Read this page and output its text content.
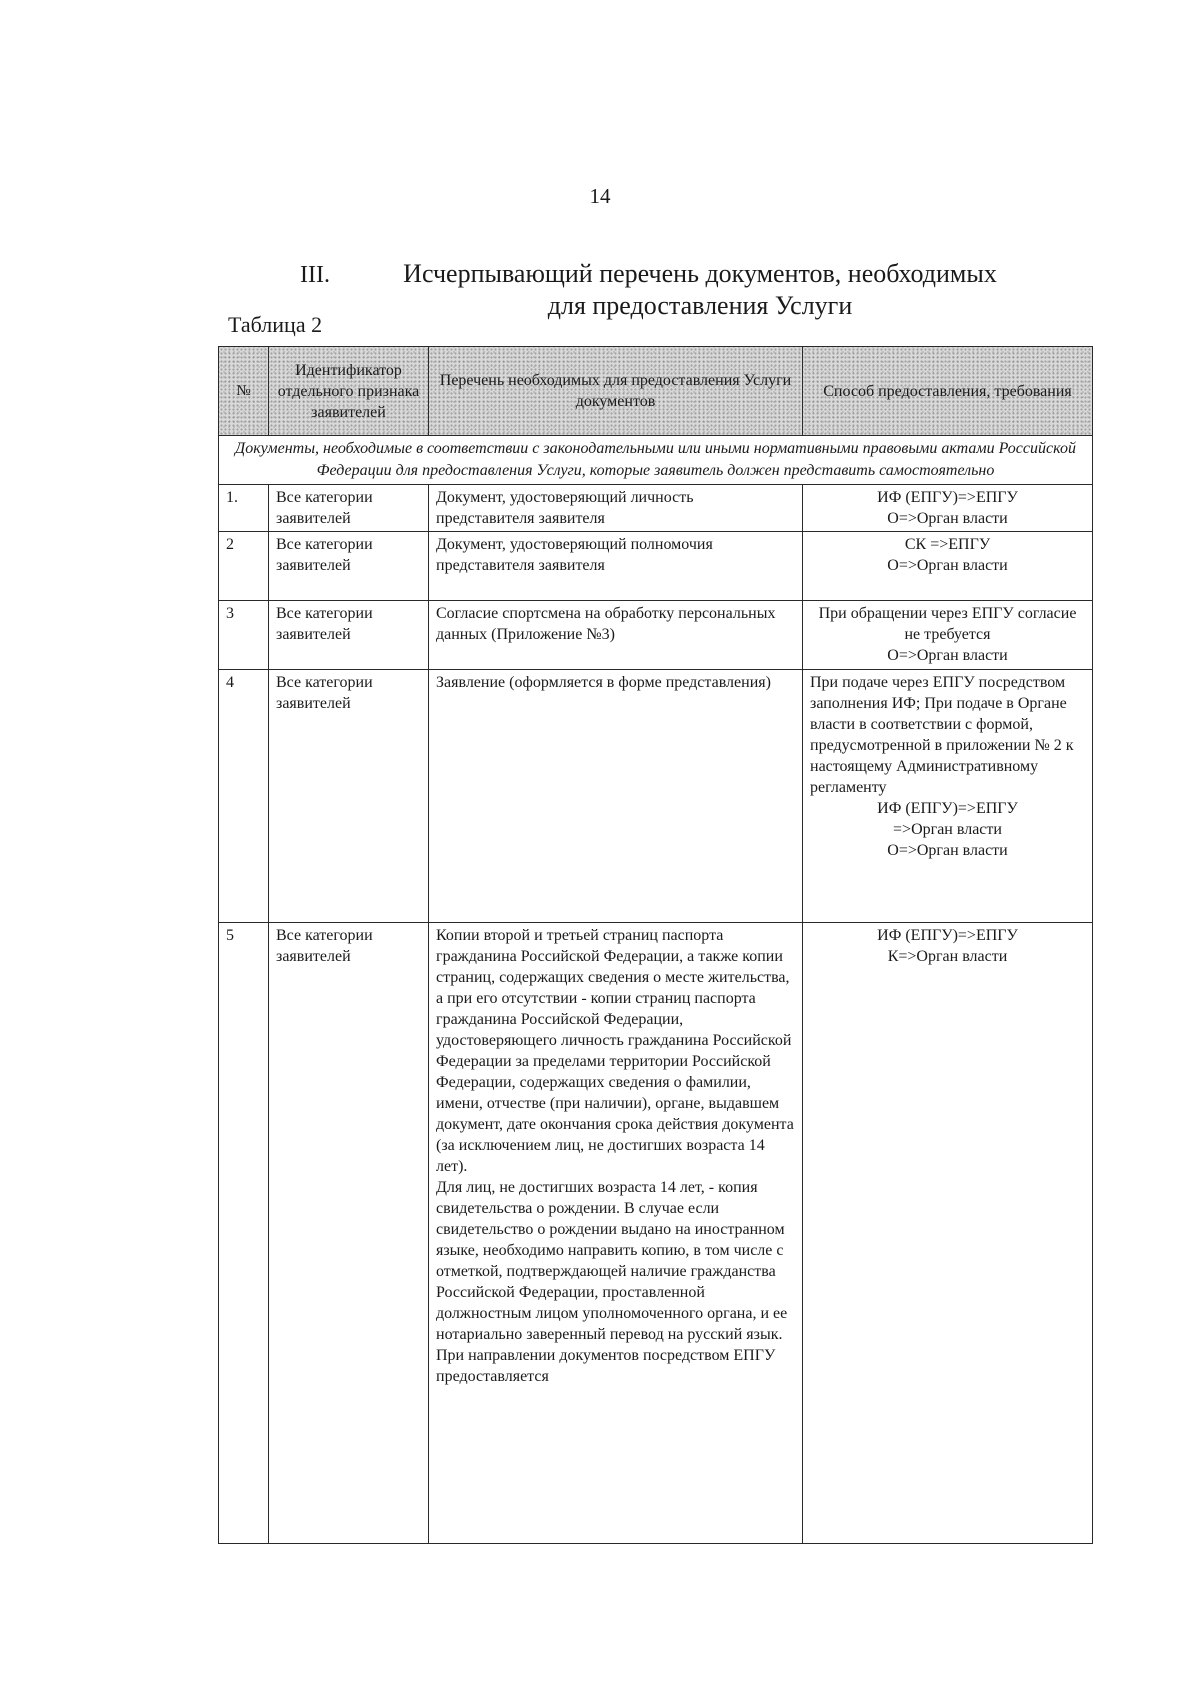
14
III.	Исчерпывающий перечень документов, необходимых
для предоставления Услуги
Таблица 2
№	Идентификатор отдельного признака заявителей	Перечень необходимых для предоставления Услуги документов	Способ предоставления, требования
Документы, необходимые в соответствии с законодательными или иными нормативными правовыми актами Российской Федерации для предоставления Услуги, которые заявитель должен представить самостоятельно			
1.	Все категории заявителей	Документ, удостоверяющий личность представителя заявителя	ИФ (ЕПГУ)=>ЕПГУ
О=>Орган власти

2	Все категории заявителей	Документ, удостоверяющий полномочия представителя заявителя	СК =>ЕПГУ
О=>Орган власти

3	Все категории заявителей	Согласие спортсмена на обработку персональных данных (Приложение №3)	При обращении через ЕПГУ согласие не требуется
О=>Орган власти

4	Все категории заявителей	Заявление (оформляется в форме представления)	При подаче через ЕПГУ посредством заполнения ИФ; При подаче в Органе власти в соответствии с формой, предусмотренной в приложении № 2 к настоящему Административному регламенту
ИФ (ЕПГУ)=>ЕПГУ
=>Орган власти
О=>Орган власти

5	Все категории заявителей	Копии второй и третьей страниц паспорта гражданина Российской Федерации, а также копии страниц, содержащих сведения о месте жительства, а при его отсутствии - копии страниц паспорта гражданина Российской Федерации, удостоверяющего личность гражданина Российской Федерации за пределами территории Российской Федерации, содержащих сведения о фамилии, имени, отчестве (при наличии), органе, выдавшем документ, дате окончания срока действия документа (за исключением лиц, не достигших возраста 14 лет).
Для лиц, не достигших возраста 14 лет, - копия свидетельства о рождении. В случае если свидетельство о рождении выдано на иностранном языке, необходимо направить копию, в том числе с отметкой, подтверждающей наличие гражданства Российской Федерации, проставленной должностным лицом уполномоченного органа, и ее нотариально заверенный перевод на русский язык.
При направлении документов посредством ЕПГУ предоставляется	ИФ (ЕПГУ)=>ЕПГУ
К=>Орган власти
